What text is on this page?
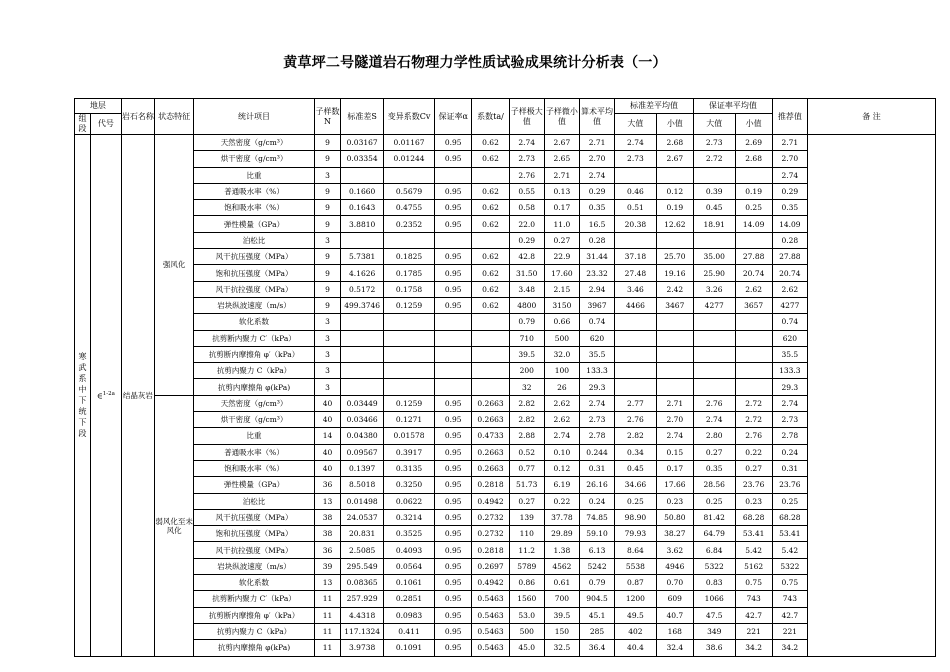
黄草坪二号隧道岩石物理力学性质试验成果统计分析表（一）
地层		岩石名称	状态特征	统计项目	子样数N	标准差S	变异系数Cv	保证率α	系数ta/	子样极大值	子样微小值	算术平均值	标准差平均值		保证率平均值		推荐值	备 注
组段	代号																	
													大值	小值	大值	小值		
寒武系中下统下段	∈$^{1-2a}$	结晶灰岩	强风化	天然密度（g/cm³）	9	0.03167	0.01167	0.95	0.62	2.74	2.67	2.71	2.74	2.68	2.73	2.69	2.71	
				烘干密度（g/cm³）	9	0.03354	0.01244	0.95	0.62	2.73	2.65	2.70	2.73	2.67	2.72	2.68	2.70	
				比重	3					2.76	2.71	2.74					2.74	
				普通吸水率（%）	9	0.1660	0.5679	0.95	0.62	0.55	0.13	0.29	0.46	0.12	0.39	0.19	0.29	
				饱和吸水率（%）	9	0.1643	0.4755	0.95	0.62	0.58	0.17	0.35	0.51	0.19	0.45	0.25	0.35	
				弹性模量（GPa）	9	3.8810	0.2352	0.95	0.62	22.0	11.0	16.5	20.38	12.62	18.91	14.09	14.09	
				泊松比	3					0.29	0.27	0.28					0.28	
				风干抗压强度（MPa）	9	5.7381	0.1825	0.95	0.62	42.8	22.9	31.44	37.18	25.70	35.00	27.88	27.88	
				饱和抗压强度（MPa）	9	4.1626	0.1785	0.95	0.62	31.50	17.60	23.32	27.48	19.16	25.90	20.74	20.74	
				风干抗拉强度（MPa）	9	0.5172	0.1758	0.95	0.62	3.48	2.15	2.94	3.46	2.42	3.26	2.62	2.62	
				岩块纵波速度（m/s）	9	499.3746	0.1259	0.95	0.62	4800	3150	3967	4466	3467	4277	3657	4277	
				软化系数	3					0.79	0.66	0.74					0.74	
				抗剪断内聚力 C′（kPa）	3					710	500	620					620	
				抗剪断内摩擦角 φ′（kPa）	3					39.5	32.0	35.5					35.5	
				抗剪内聚力 C（kPa）	3					200	100	133.3					133.3	
				抗剪内摩擦角 φ(kPa)	3					32	26	29.3					29.3	
			弱风化至未风化	天然密度（g/cm³）	40	0.03449	0.1259	0.95	0.2663	2.82	2.62	2.74	2.77	2.71	2.76	2.72	2.74	
				烘干密度（g/cm³）	40	0.03466	0.1271	0.95	0.2663	2.82	2.62	2.73	2.76	2.70	2.74	2.72	2.73	
				比重	14	0.04380	0.01578	0.95	0.4733	2.88	2.74	2.78	2.82	2.74	2.80	2.76	2.78	
				普通吸水率（%）	40	0.09567	0.3917	0.95	0.2663	0.52	0.10	0.244	0.34	0.15	0.27	0.22	0.24	
				饱和吸水率（%）	40	0.1397	0.3135	0.95	0.2663	0.77	0.12	0.31	0.45	0.17	0.35	0.27	0.31	
				弹性模量（GPa）	36	8.5018	0.3250	0.95	0.2818	51.73	6.19	26.16	34.66	17.66	28.56	23.76	23.76	
				泊松比	13	0.01498	0.0622	0.95	0.4942	0.27	0.22	0.24	0.25	0.23	0.25	0.23	0.25	
				风干抗压强度（MPa）	38	24.0537	0.3214	0.95	0.2732	139	37.78	74.85	98.90	50.80	81.42	68.28	68.28	
				饱和抗压强度（MPa）	38	20.831	0.3525	0.95	0.2732	110	29.89	59.10	79.93	38.27	64.79	53.41	53.41	
				风干抗拉强度（MPa）	36	2.5085	0.4093	0.95	0.2818	11.2	1.38	6.13	8.64	3.62	6.84	5.42	5.42	
				岩块纵波速度（m/s）	39	295.549	0.0564	0.95	0.2697	5789	4562	5242	5538	4946	5322	5162	5322	
				软化系数	13	0.08365	0.1061	0.95	0.4942	0.86	0.61	0.79	0.87	0.70	0.83	0.75	0.75	
				抗剪断内聚力 C′（kPa）	11	257.929	0.2851	0.95	0.5463	1560	700	904.5	1200	609	1066	743	743	
				抗剪断内摩擦角 φ′（kPa）	11	4.4318	0.0983	0.95	0.5463	53.0	39.5	45.1	49.5	40.7	47.5	42.7	42.7	
				抗剪内聚力 C（kPa）	11	117.1324	0.411	0.95	0.5463	500	150	285	402	168	349	221	221	
				抗剪内摩擦角 φ(kPa)	11	3.9738	0.1091	0.95	0.5463	45.0	32.5	36.4	40.4	32.4	38.6	34.2	34.2	
